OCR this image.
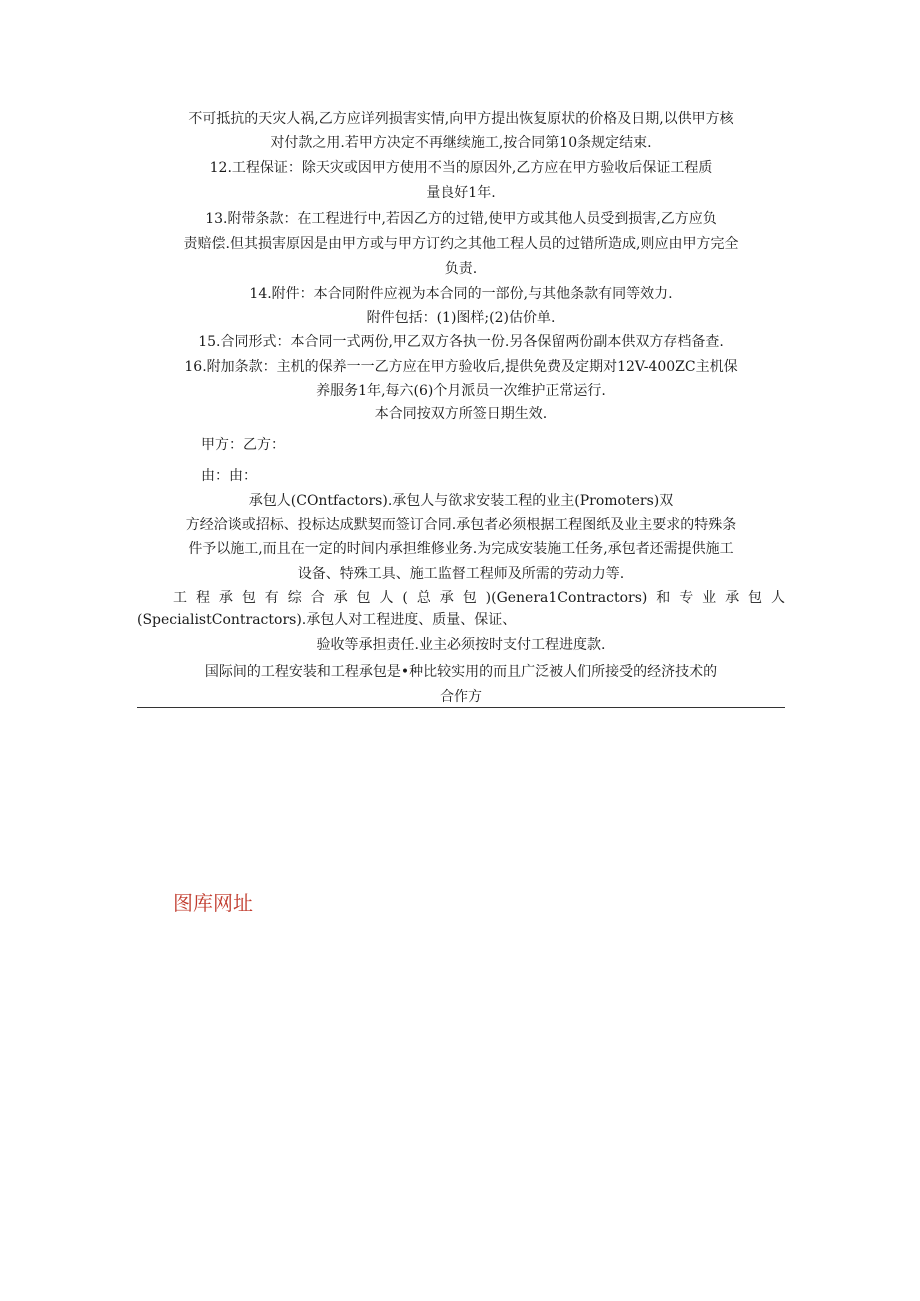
不可抵抗的天灾人祸,乙方应详列损害实情,向甲方提出恢复原状的价格及日期,以供甲方核
对付款之用.若甲方决定不再继续施工,按合同第10条规定结束.
12.工程保证：除天灾或因甲方使用不当的原因外,乙方应在甲方验收后保证工程质
量良好1年.
13.附带条款：在工程进行中,若因乙方的过错,使甲方或其他人员受到损害,乙方应负
责赔偿.但其损害原因是由甲方或与甲方订约之其他工程人员的过错所造成,则应由甲方完全
负责.
14.附件：本合同附件应视为本合同的一部份,与其他条款有同等效力.
附件包括：(1)图样;(2)估价单.
15.合同形式：本合同一式两份,甲乙双方各执一份.另各保留两份副本供双方存档备查.
16.附加条款：主机的保养一一乙方应在甲方验收后,提供免费及定期对12V-400ZC主机保
养服务1年,每六(6)个月派员一次维护正常运行.
本合同按双方所签日期生效.
甲方：乙方：
由：由：
承包人(COntfactors).承包人与欲求安装工程的业主(Promoters)双
方经洽谈或招标、投标达成默契而签订合同.承包者必须根据工程图纸及业主要求的特殊条
件予以施工,而且在一定的时间内承担维修业务.为完成安装施工任务,承包者还需提供施工
设备、特殊工具、施工监督工程师及所需的劳动力等.
工程承包有综合承包人(总承包)(Genera1Contractors)和专业承包人
(SpecialistContractors).承包人对工程进度、质量、保证、
验收等承担责任.业主必须按时支付工程进度款.
国际间的工程安装和工程承包是•种比较实用的而且广泛被人们所接受的经济技术的
合作方
图库网址
